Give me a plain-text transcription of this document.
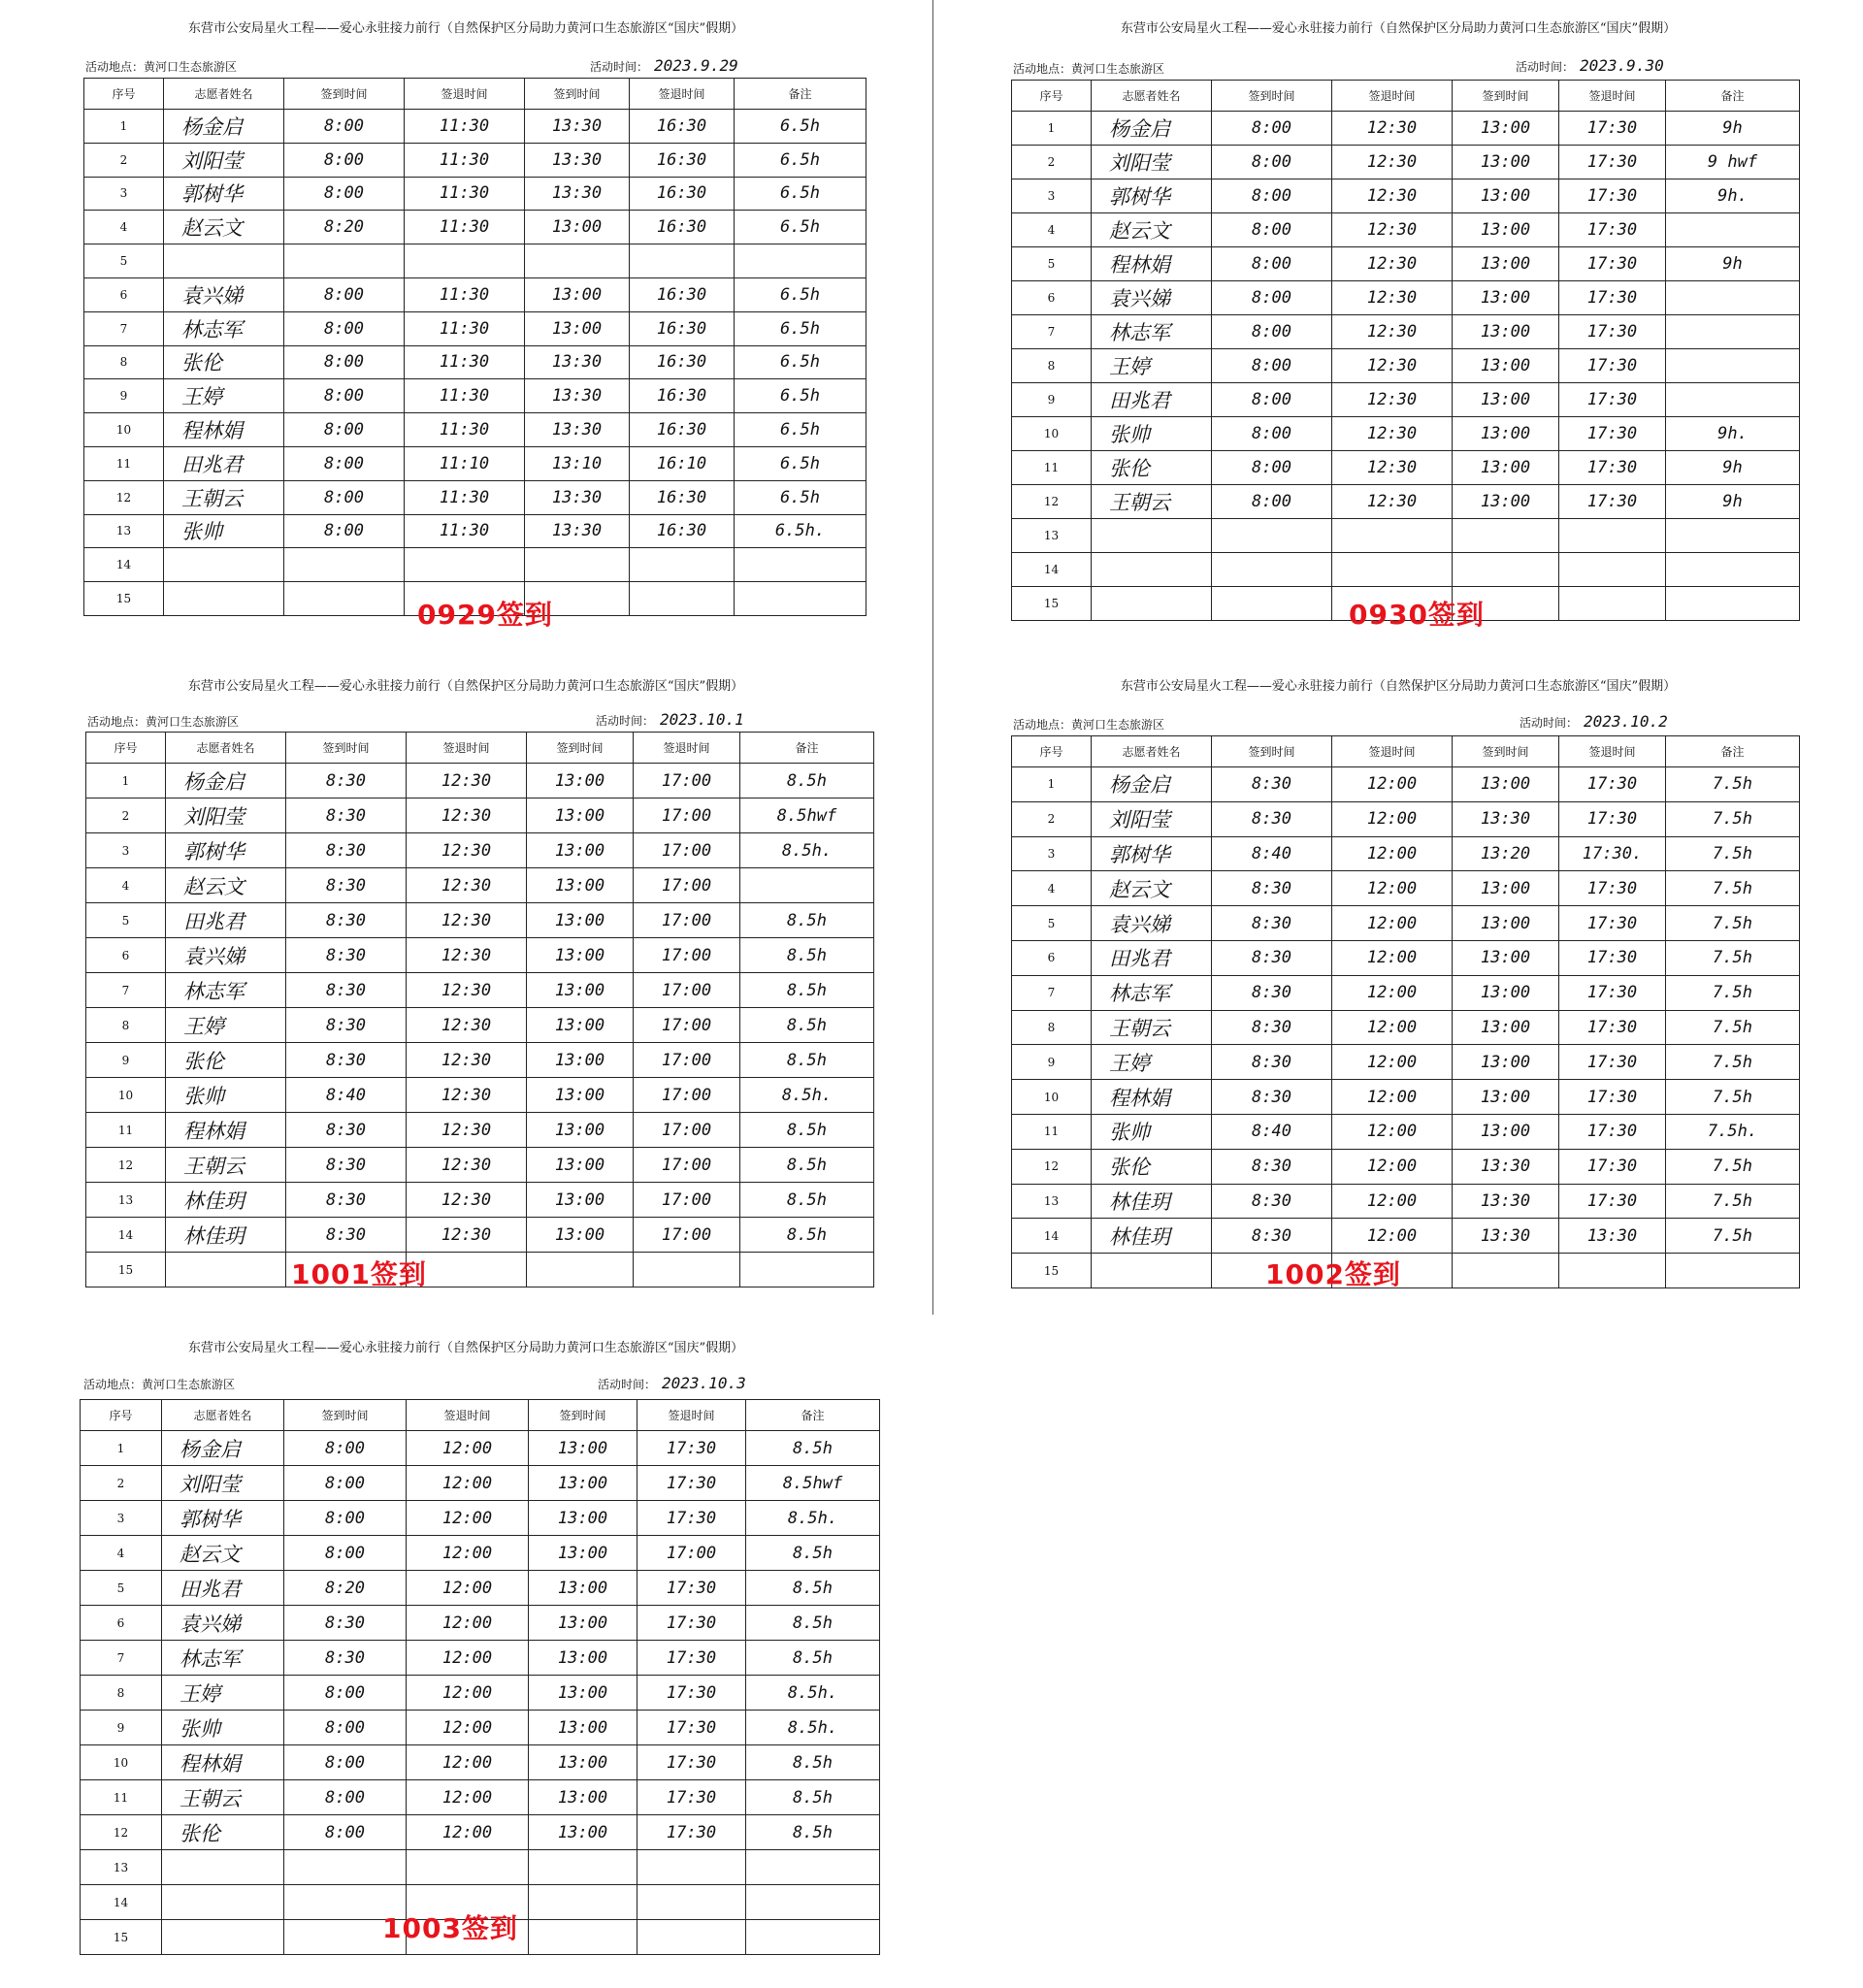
东营市公安局星火工程——爱心永驻接力前行（自然保护区分局助力黄河口生态旅游区“国庆”假期）
活动地点：黄河口生态旅游区	活动时间： 2023.9.29
序号	志愿者姓名	签到时间	签退时间	签到时间	签退时间	备注
1	杨金启	8:00	11:30	13:30	16:30	6.5h
2	刘阳莹	8:00	11:30	13:30	16:30	6.5h
3	郭树华	8:00	11:30	13:30	16:30	6.5h
4	赵云文	8:20	11:30	13:00	16:30	6.5h
5						
6	袁兴娣	8:00	11:30	13:00	16:30	6.5h
7	林志军	8:00	11:30	13:00	16:30	6.5h
8	张伦	8:00	11:30	13:30	16:30	6.5h
9	王婷	8:00	11:30	13:30	16:30	6.5h
10	程林娟	8:00	11:30	13:30	16:30	6.5h
11	田兆君	8:00	11:10	13:10	16:10	6.5h
12	王朝云	8:00	11:30	13:30	16:30	6.5h
13	张帅	8:00	11:30	13:30	16:30	6.5h.
14						
15							0929签到
东营市公安局星火工程——爱心永驻接力前行（自然保护区分局助力黄河口生态旅游区“国庆”假期）
活动地点：黄河口生态旅游区	活动时间： 2023.9.30
序号	志愿者姓名	签到时间	签退时间	签到时间	签退时间	备注
1	杨金启	8:00	12:30	13:00	17:30	9h
2	刘阳莹	8:00	12:30	13:00	17:30	9 hwf
3	郭树华	8:00	12:30	13:00	17:30	9h.
4	赵云文	8:00	12:30	13:00	17:30	
5	程林娟	8:00	12:30	13:00	17:30	9h
6	袁兴娣	8:00	12:30	13:00	17:30	
7	林志军	8:00	12:30	13:00	17:30	
8	王婷	8:00	12:30	13:00	17:30	
9	田兆君	8:00	12:30	13:00	17:30	
10	张帅	8:00	12:30	13:00	17:30	9h.
11	张伦	8:00	12:30	13:00	17:30	9h
12	王朝云	8:00	12:30	13:00	17:30	9h
13						
14						
15							0930签到
东营市公安局星火工程——爱心永驻接力前行（自然保护区分局助力黄河口生态旅游区“国庆”假期）
活动地点：黄河口生态旅游区	活动时间： 2023.10.1
序号	志愿者姓名	签到时间	签退时间	签到时间	签退时间	备注
1	杨金启	8:30	12:30	13:00	17:00	8.5h
2	刘阳莹	8:30	12:30	13:00	17:00	8.5hwf
3	郭树华	8:30	12:30	13:00	17:00	8.5h.
4	赵云文	8:30	12:30	13:00	17:00	
5	田兆君	8:30	12:30	13:00	17:00	8.5h
6	袁兴娣	8:30	12:30	13:00	17:00	8.5h
7	林志军	8:30	12:30	13:00	17:00	8.5h
8	王婷	8:30	12:30	13:00	17:00	8.5h
9	张伦	8:30	12:30	13:00	17:00	8.5h
10	张帅	8:40	12:30	13:00	17:00	8.5h.
11	程林娟	8:30	12:30	13:00	17:00	8.5h
12	王朝云	8:30	12:30	13:00	17:00	8.5h
13	林佳玥	8:30	12:30	13:00	17:00	8.5h
14	林佳玥	8:30	12:30	13:00	17:00	8.5h
15							1001签到
东营市公安局星火工程——爱心永驻接力前行（自然保护区分局助力黄河口生态旅游区“国庆”假期）
活动地点：黄河口生态旅游区	活动时间： 2023.10.2
序号	志愿者姓名	签到时间	签退时间	签到时间	签退时间	备注
1	杨金启	8:30	12:00	13:00	17:30	7.5h
2	刘阳莹	8:30	12:00	13:30	17:30	7.5h
3	郭树华	8:40	12:00	13:20	17:30.	7.5h
4	赵云文	8:30	12:00	13:00	17:30	7.5h
5	袁兴娣	8:30	12:00	13:00	17:30	7.5h
6	田兆君	8:30	12:00	13:00	17:30	7.5h
7	林志军	8:30	12:00	13:00	17:30	7.5h
8	王朝云	8:30	12:00	13:00	17:30	7.5h
9	王婷	8:30	12:00	13:00	17:30	7.5h
10	程林娟	8:30	12:00	13:00	17:30	7.5h
11	张帅	8:40	12:00	13:00	17:30	7.5h.
12	张伦	8:30	12:00	13:30	17:30	7.5h
13	林佳玥	8:30	12:00	13:30	17:30	7.5h
14	林佳玥	8:30	12:00	13:30	13:30	7.5h
15							1002签到
东营市公安局星火工程——爱心永驻接力前行（自然保护区分局助力黄河口生态旅游区“国庆”假期）
活动地点：黄河口生态旅游区	活动时间： 2023.10.3
序号	志愿者姓名	签到时间	签退时间	签到时间	签退时间	备注
1	杨金启	8:00	12:00	13:00	17:30	8.5h
2	刘阳莹	8:00	12:00	13:00	17:30	8.5hwf
3	郭树华	8:00	12:00	13:00	17:30	8.5h.
4	赵云文	8:00	12:00	13:00	17:00	8.5h
5	田兆君	8:20	12:00	13:00	17:30	8.5h
6	袁兴娣	8:30	12:00	13:00	17:30	8.5h
7	林志军	8:30	12:00	13:00	17:30	8.5h
8	王婷	8:00	12:00	13:00	17:30	8.5h.
9	张帅	8:00	12:00	13:00	17:30	8.5h.
10	程林娟	8:00	12:00	13:00	17:30	8.5h
11	王朝云	8:00	12:00	13:00	17:30	8.5h
12	张伦	8:00	12:00	13:00	17:30	8.5h
13						
14						
15							1003签到
